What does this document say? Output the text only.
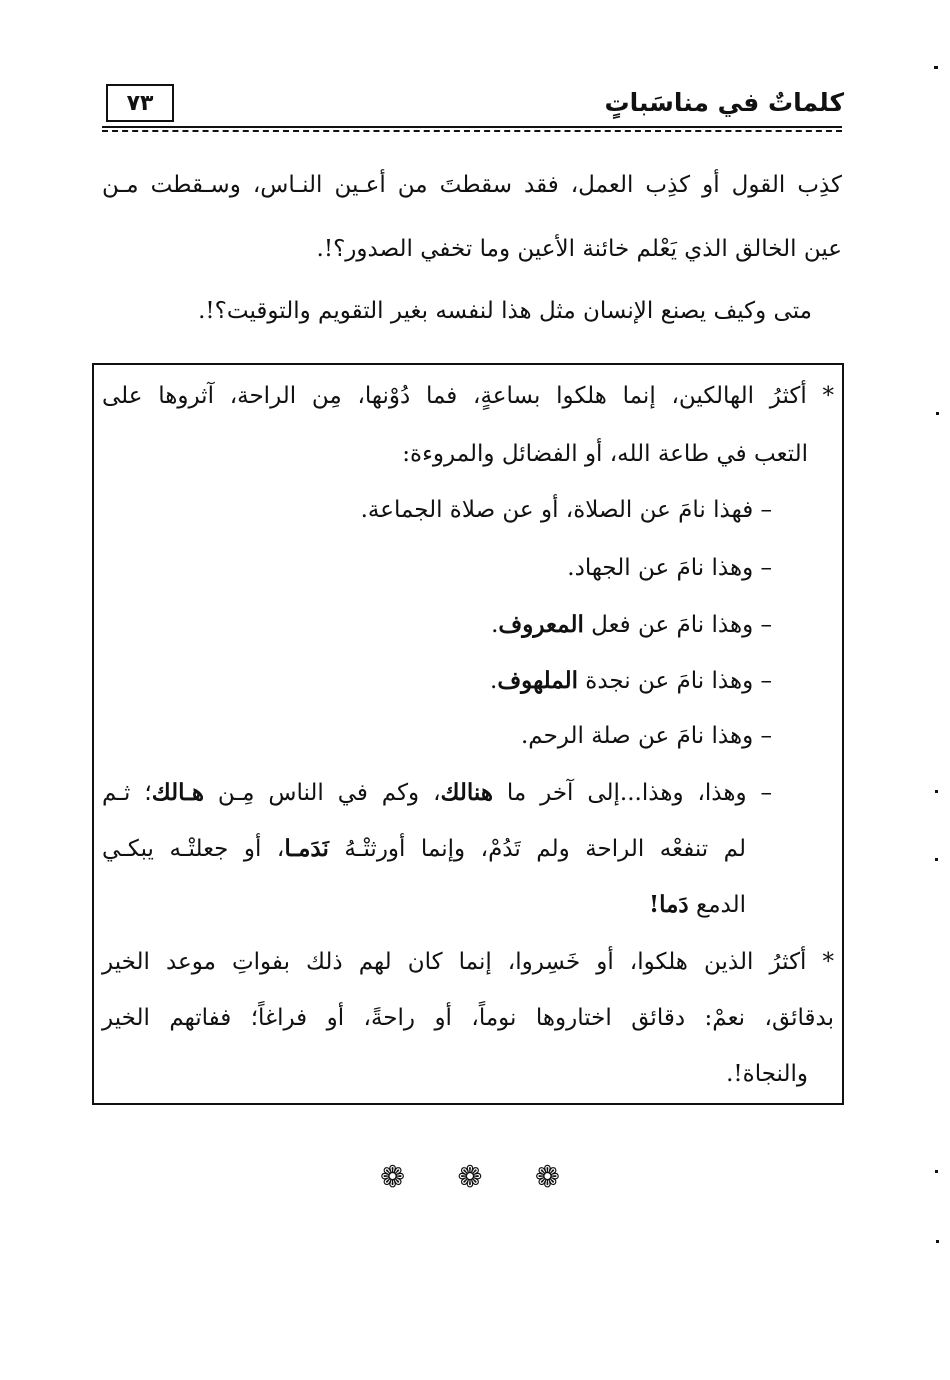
٧٣	كلماتٌ في مناسَباتٍ
كذِب القول أو كذِب العمل، فقد سقطتَ من أعـين النـاس، وسـقطت مـن
عين الخالق الذي يَعْلم خائنة الأعين وما تخفي الصدور؟!.
متى وكيف يصنع الإنسان مثل هذا لنفسه بغير التقويم والتوقيت؟!.
* أكثرُ الهالكين، إنما هلكوا بساعةٍ، فما دُوْنها، مِن الراحة، آثروها على
التعب في طاعة الله، أو الفضائل والمروءة:
– فهذا نامَ عن الصلاة، أو عن صلاة الجماعة.
– وهذا نامَ عن الجهاد.
– وهذا نامَ عن فعل المعروف.
– وهذا نامَ عن نجدة الملهوف.
– وهذا نامَ عن صلة الرحم.
– وهذا، وهذا...إلى آخر ما هنالك، وكم في الناس مِـن هـالك؛ ثـم
لم تنفعْه الراحة ولم تَدُمْ، وإنما أورثتْـهُ نَدَمـا، أو جعلتْـه يبكـي
الدمع دَما!
* أكثرُ الذين هلكوا، أو خَسِروا، إنما كان لهم ذلك بفواتِ موعد الخير
بدقائق، نعمْ: دقائق اختاروها نوماً، أو راحةً، أو فراغاً؛ ففاتهم الخير
والنجاة!.
❁ ❁ ❁
